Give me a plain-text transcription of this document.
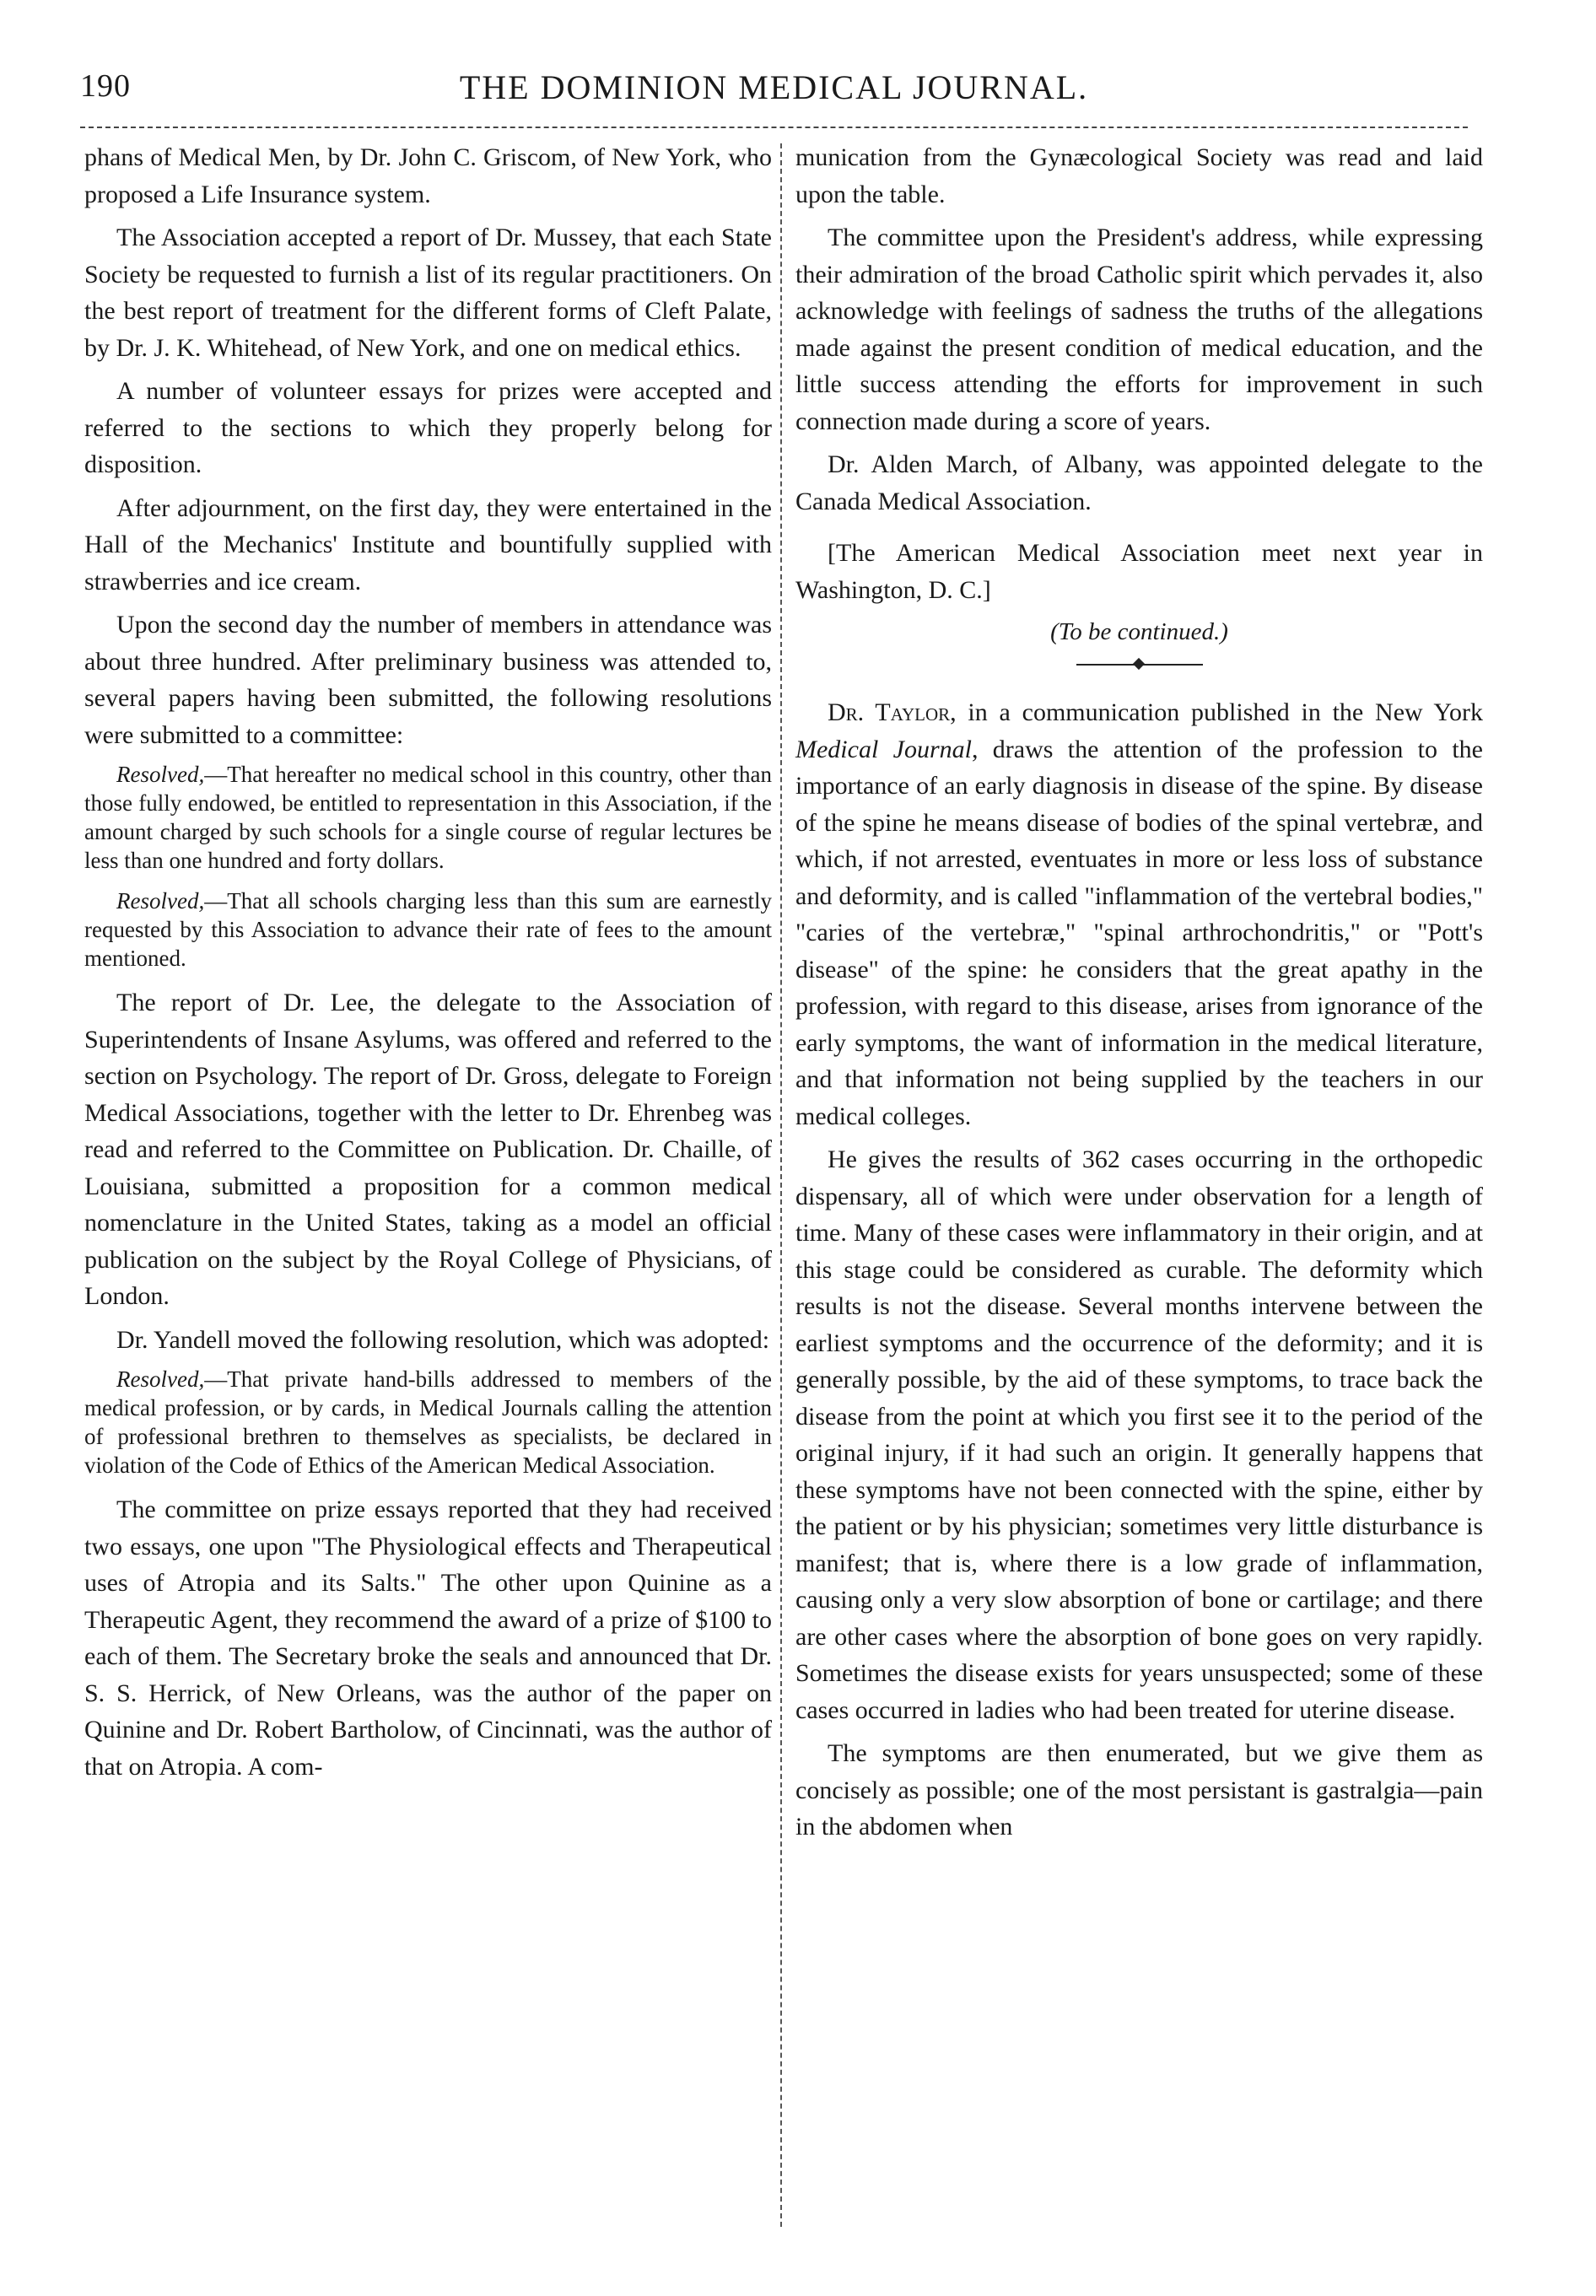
190	THE DOMINION MEDICAL JOURNAL.

phans of Medical Men, by Dr. John C. Griscom, of New York, who proposed a Life Insurance system.

The Association accepted a report of Dr. Mussey, that each State Society be requested to furnish a list of its regular practitioners. On the best report of treatment for the different forms of Cleft Palate, by Dr. J. K. Whitehead, of New York, and one on medical ethics.

A number of volunteer essays for prizes were accepted and referred to the sections to which they properly belong for disposition.

After adjournment, on the first day, they were entertained in the Hall of the Mechanics' Institute and bountifully supplied with strawberries and ice cream.

Upon the second day the number of members in attendance was about three hundred. After preliminary business was attended to, several papers having been submitted, the following resolutions were submitted to a committee:

Resolved,—That hereafter no medical school in this country, other than those fully endowed, be entitled to representation in this Association, if the amount charged by such schools for a single course of regular lectures be less than one hundred and forty dollars.

Resolved,—That all schools charging less than this sum are earnestly requested by this Association to advance their rate of fees to the amount mentioned.

The report of Dr. Lee, the delegate to the Association of Superintendents of Insane Asylums, was offered and referred to the section on Psychology. The report of Dr. Gross, delegate to Foreign Medical Associations, together with the letter to Dr. Ehrenbeg was read and referred to the Committee on Publication. Dr. Chaille, of Louisiana, submitted a proposition for a common medical nomenclature in the United States, taking as a model an official publication on the subject by the Royal College of Physicians, of London.

Dr. Yandell moved the following resolution, which was adopted:

Resolved,—That private hand-bills addressed to members of the medical profession, or by cards, in Medical Journals calling the attention of professional brethren to themselves as specialists, be declared in violation of the Code of Ethics of the American Medical Association.

The committee on prize essays reported that they had received two essays, one upon "The Physiological effects and Therapeutical uses of Atropia and its Salts." The other upon Quinine as a Therapeutic Agent, they recommend the award of a prize of $100 to each of them. The Secretary broke the seals and announced that Dr. S. S. Herrick, of New Orleans, was the author of the paper on Quinine and Dr. Robert Bartholow, of Cincinnati, was the author of that on Atropia. A com-

munication from the Gynæcological Society was read and laid upon the table.

The committee upon the President's address, while expressing their admiration of the broad Catholic spirit which pervades it, also acknowledge with feelings of sadness the truths of the allegations made against the present condition of medical education, and the little success attending the efforts for improvement in such connection made during a score of years.

Dr. Alden March, of Albany, was appointed delegate to the Canada Medical Association.

[The American Medical Association meet next year in Washington, D. C.]

(To be continued.)

Dr. Taylor, in a communication published in the New York Medical Journal, draws the attention of the profession to the importance of an early diagnosis in disease of the spine. By disease of the spine he means disease of bodies of the spinal vertebræ, and which, if not arrested, eventuates in more or less loss of substance and deformity, and is called "inflammation of the vertebral bodies," "caries of the vertebræ," "spinal arthrochondritis," or "Pott's disease" of the spine: he considers that the great apathy in the profession, with regard to this disease, arises from ignorance of the early symptoms, the want of information in the medical literature, and that information not being supplied by the teachers in our medical colleges.

He gives the results of 362 cases occurring in the orthopedic dispensary, all of which were under observation for a length of time. Many of these cases were inflammatory in their origin, and at this stage could be considered as curable. The deformity which results is not the disease. Several months intervene between the earliest symptoms and the occurrence of the deformity; and it is generally possible, by the aid of these symptoms, to trace back the disease from the point at which you first see it to the period of the original injury, if it had such an origin. It generally happens that these symptoms have not been connected with the spine, either by the patient or by his physician; sometimes very little disturbance is manifest; that is, where there is a low grade of inflammation, causing only a very slow absorption of bone or cartilage; and there are other cases where the absorption of bone goes on very rapidly. Sometimes the disease exists for years unsuspected; some of these cases occurred in ladies who had been treated for uterine disease.

The symptoms are then enumerated, but we give them as concisely as possible; one of the most persistant is gastralgia—pain in the abdomen when
